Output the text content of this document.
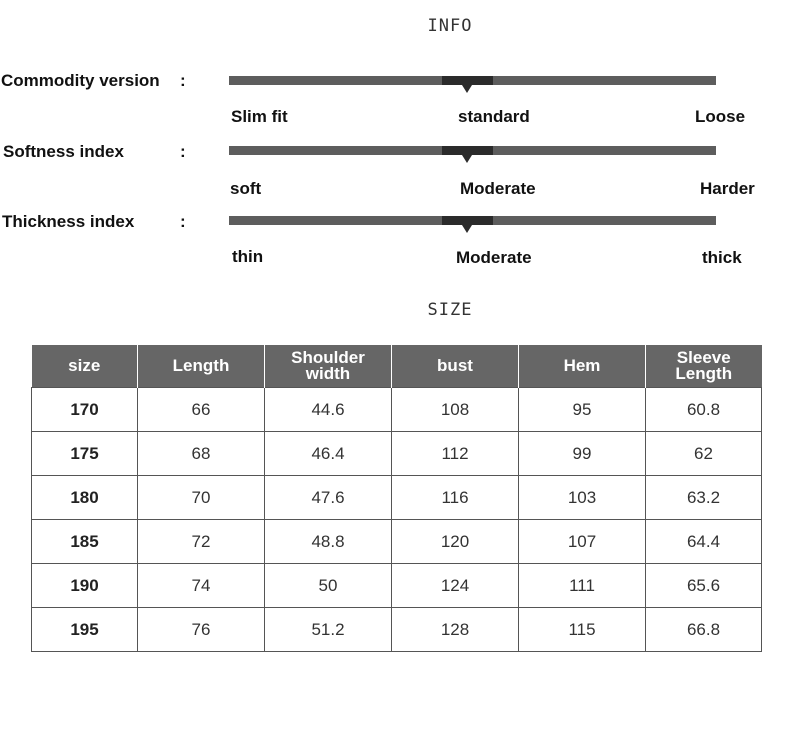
INFO
Commodity version :
Slim fit	standard	Loose
Softness index	:
soft	Moderate	Harder
Thickness index	:
thin	Moderate	thick
SIZE
size	Length	Shoulder width	bust	Hem	Sleeve Length
170	66	44.6	108	95	60.8
175	68	46.4	112	99	62
180	70	47.6	116	103	63.2
185	72	48.8	120	107	64.4
190	74	50	124	111	65.6
195	76	51.2	128	115	66.8
